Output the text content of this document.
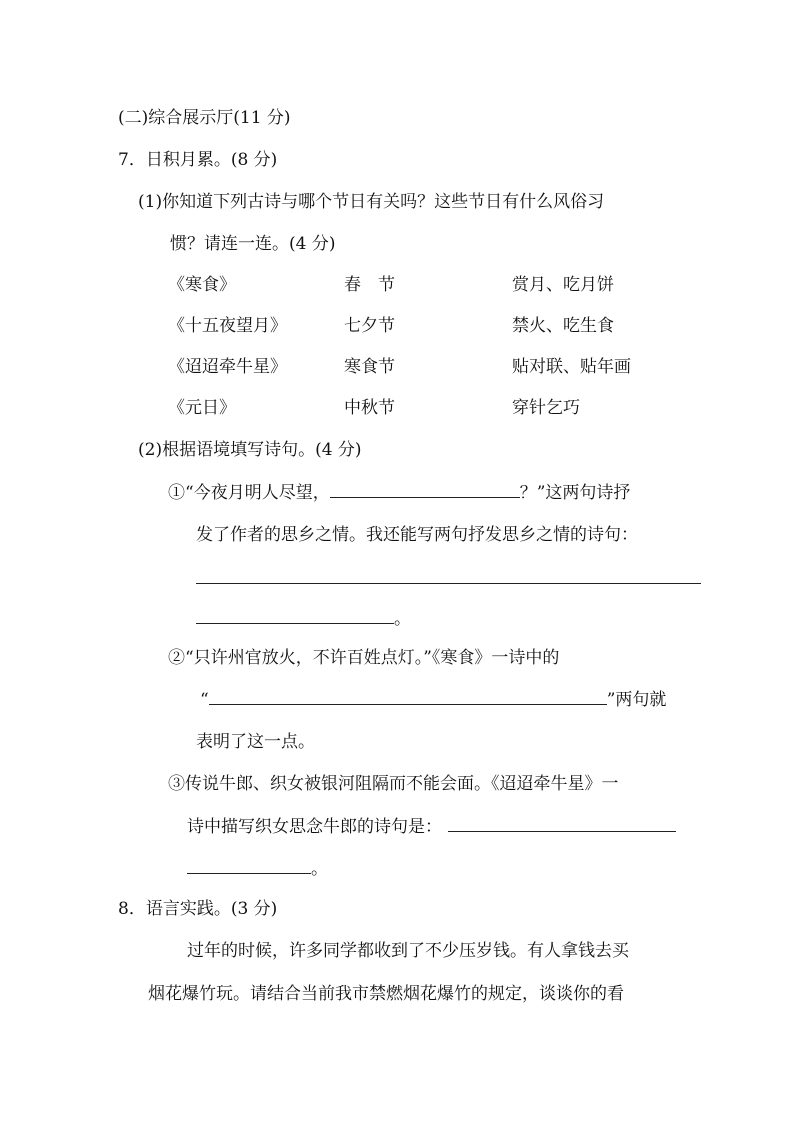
(二)综合展示厅(11 分)
7．日积月累。(8 分)
(1)你知道下列古诗与哪个节日有关吗？这些节日有什么风俗习
惯？请连一连。(4 分)
《寒食》	春　节	赏月、吃月饼
《十五夜望月》	七夕节	禁火、吃生食
《迢迢牵牛星》	寒食节	贴对联、贴年画
《元日》	中秋节	穿针乞巧
(2)根据语境填写诗句。(4 分)
①“今夜月明人尽望，	？”这两句诗抒
发了作者的思乡之情。我还能写两句抒发思乡之情的诗句：
。
②“只许州官放火，不许百姓点灯。”《寒食》一诗中的
“	”两句就
表明了这一点。
③传说牛郎、织女被银河阻隔而不能会面。《迢迢牵牛星》一
诗中描写织女思念牛郎的诗句是：
。
8．语言实践。(3 分)
过年的时候，许多同学都收到了不少压岁钱。有人拿钱去买
烟花爆竹玩。请结合当前我市禁燃烟花爆竹的规定，谈谈你的看
